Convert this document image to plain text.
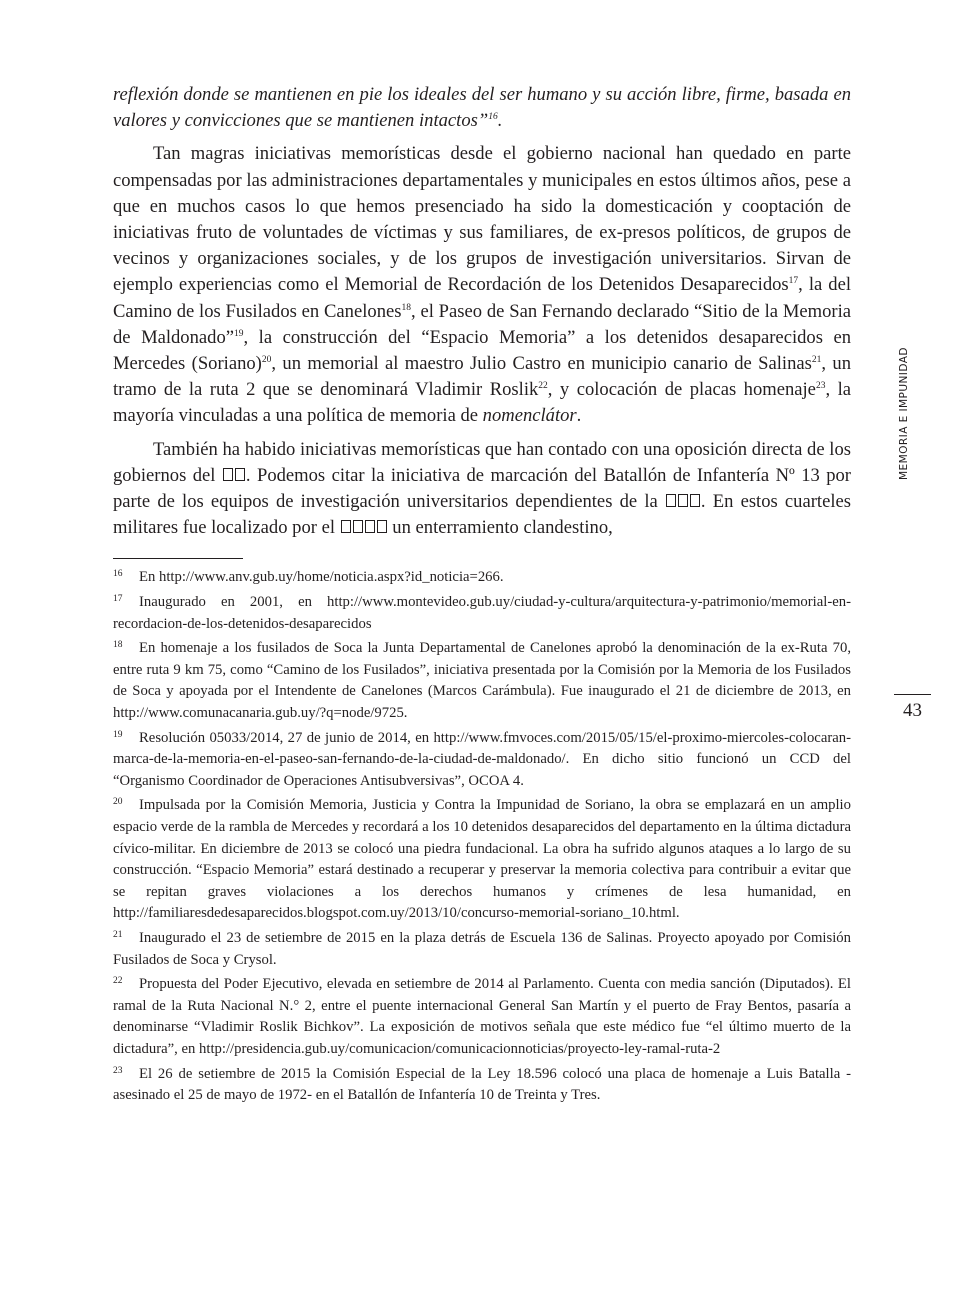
reflexión donde se mantienen en pie los ideales del ser humano y su acción libre, firme, basada en valores y convicciones que se mantienen intactos”$^{16}$.

Tan magras iniciativas memorísticas desde el gobierno nacional han quedado en parte compensadas por las administraciones departamentales y municipales en estos últimos años, pese a que en muchos casos lo que hemos presenciado ha sido la domesticación y cooptación de iniciativas fruto de voluntades de víctimas y sus familiares, de ex-presos políticos, de grupos de vecinos y organizaciones sociales, y de los grupos de investigación universitarios. Sirvan de ejemplo experiencias como el Memorial de Recordación de los Detenidos Desaparecidos$^{17}$, la del Camino de los Fusilados en Canelones$^{18}$, el Paseo de San Fernando declarado “Sitio de la Memoria de Maldonado”$^{19}$, la construcción del “Espacio Memoria” a los detenidos desaparecidos en Mercedes (Soriano)$^{20}$, un memorial al maestro Julio Castro en municipio canario de Salinas$^{21}$, un tramo de la ruta 2 que se denominará Vladimir Roslik$^{22}$, y colocación de placas homenaje$^{23}$, la mayoría vinculadas a una política de memoria de nomenclátor.

También ha habido iniciativas memorísticas que han contado con una oposición directa de los gobiernos del . Podemos citar la iniciativa de marcación del Batallón de Infantería Nº 13 por parte de los equipos de investigación universitarios dependientes de la . En estos cuarteles militares fue localizado por el	un enterramiento clandestino,

16 En http://www.anv.gub.uy/home/noticia.aspx?id_noticia=266.

17 Inaugurado en 2001, en http://www.montevideo.gub.uy/ciudad-y-cultura/arquitectura-y-patrimonio/memorial-en-recordacion-de-los-detenidos-desaparecidos

18 En homenaje a los fusilados de Soca la Junta Departamental de Canelones aprobó la denominación de la ex-Ruta 70, entre ruta 9 km 75, como “Camino de los Fusilados”, iniciativa presentada por la Comisión por la Memoria de los Fusilados de Soca y apoyada por el Intendente de Canelones (Marcos Carámbula). Fue inaugurado el 21 de diciembre de 2013, en http://www.comunacanaria.gub.uy/?q=node/9725.

19 Resolución 05033/2014, 27 de junio de 2014, en http://www.fmvoces.com/2015/05/15/el-proximo-miercoles-colocaran-marca-de-la-memoria-en-el-paseo-san-fernando-de-la-ciudad-de-maldonado/. En dicho sitio funcionó un CCD del “Organismo Coordinador de Operaciones Antisubversivas”, OCOA 4.

20 Impulsada por la Comisión Memoria, Justicia y Contra la Impunidad de Soriano, la obra se emplazará en un amplio espacio verde de la rambla de Mercedes y recordará a los 10 detenidos desaparecidos del departamento en la última dictadura cívico-militar. En diciembre de 2013 se colocó una piedra fundacional. La obra ha sufrido algunos ataques a lo largo de su construcción. “Espacio Memoria” estará destinado a recuperar y preservar la memoria colectiva para contribuir a evitar que se repitan graves violaciones a los derechos humanos y crímenes de lesa humanidad, en http://familiaresdedesaparecidos.blogspot.com.uy/2013/10/concurso-memorial-soriano_10.html.

21 Inaugurado el 23 de setiembre de 2015 en la plaza detrás de Escuela 136 de Salinas. Proyecto apoyado por Comisión Fusilados de Soca y Crysol.

22 Propuesta del Poder Ejecutivo, elevada en setiembre de 2014 al Parlamento. Cuenta con media sanción (Diputados). El ramal de la Ruta Nacional N.° 2, entre el puente internacional General San Martín y el puerto de Fray Bentos, pasaría a denominarse “Vladimir Roslik Bichkov”. La exposición de motivos señala que este médico fue “el último muerto de la dictadura”, en http://presidencia.gub.uy/comunicacion/comunicacionnoticias/proyecto-ley-ramal-ruta-2

23 El 26 de setiembre de 2015 la Comisión Especial de la Ley 18.596 colocó una placa de homenaje a Luis Batalla -asesinado el 25 de mayo de 1972- en el Batallón de Infantería 10 de Treinta y Tres.

MEMORIA E IMPUNIDAD
43
